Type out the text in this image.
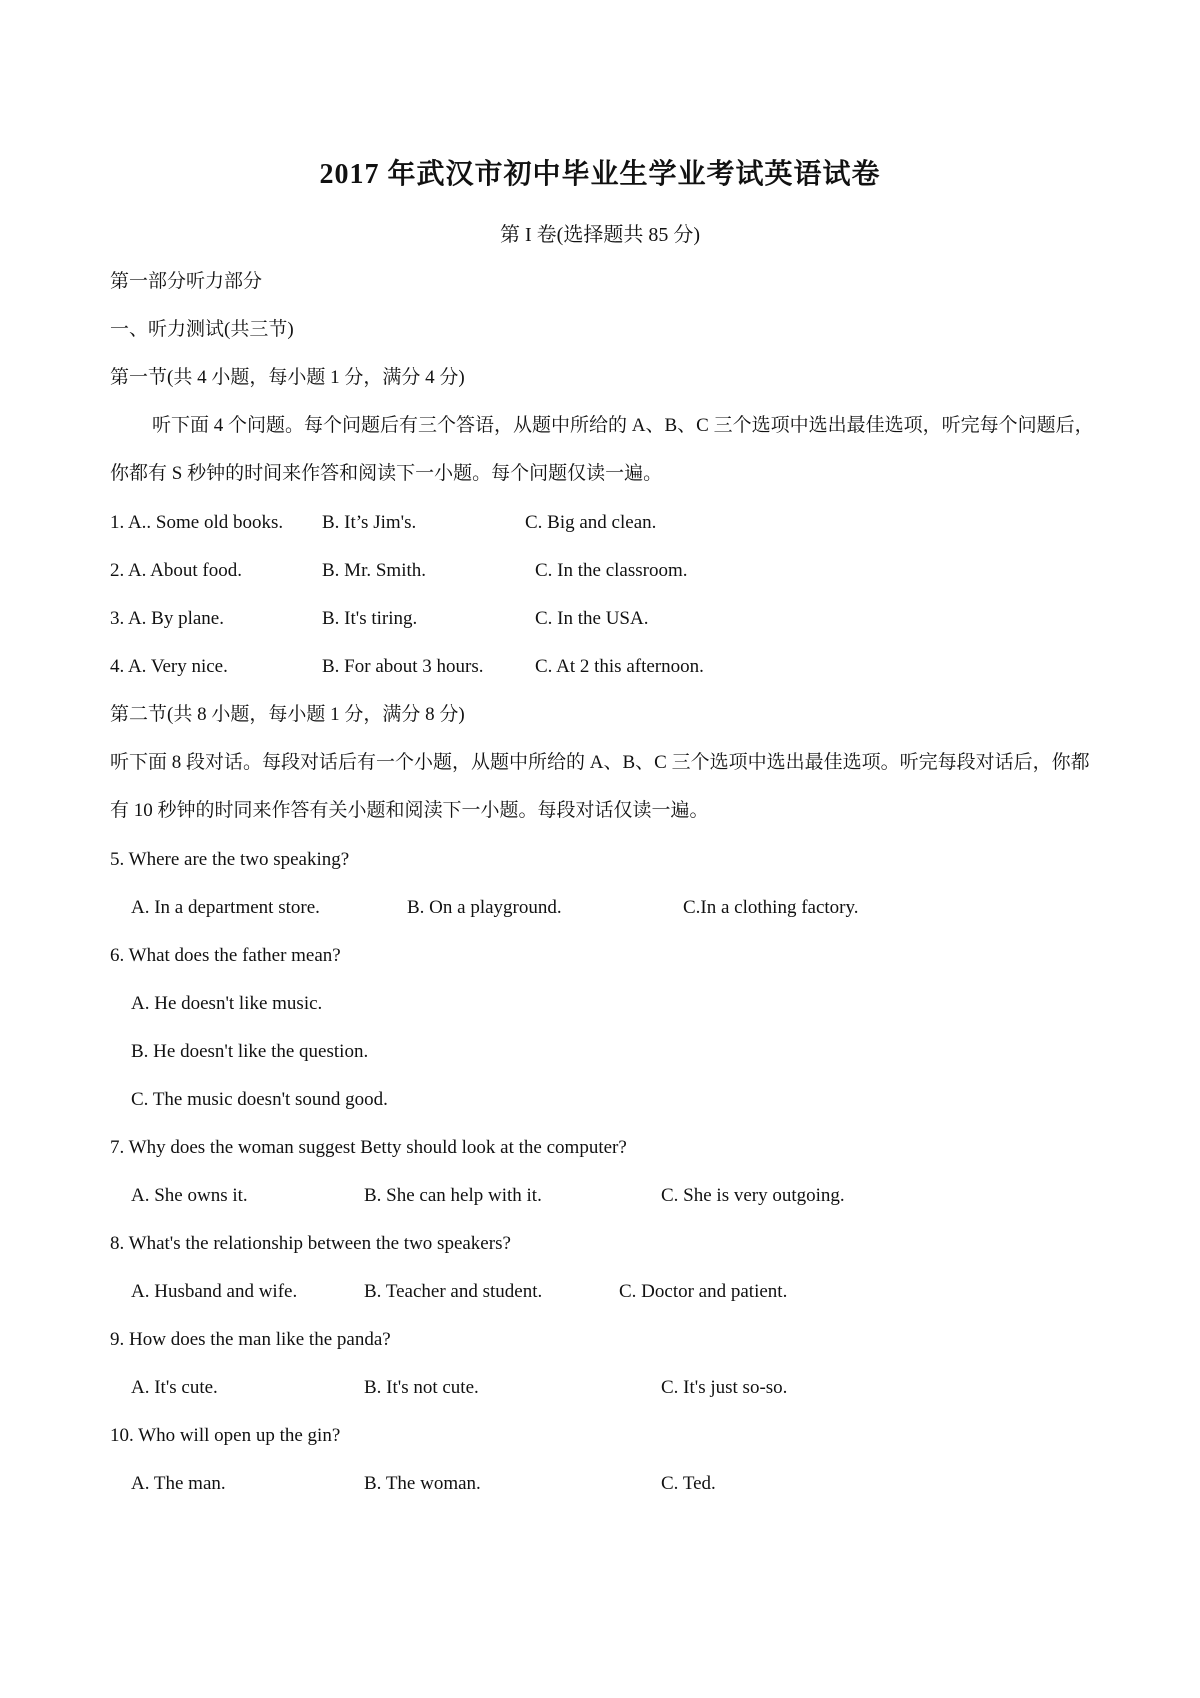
2017 年武汉市初中毕业生学业考试英语试卷
第 I 卷(选择题共 85 分)
第一部分听力部分
一、听力测试(共三节)
第一节(共 4 小题，每小题 1 分，满分 4 分)
听下面 4 个问题。每个问题后有三个答语，从题中所给的 A、B、C 三个选项中选出最佳选项，听完每个问题后，你都有 S 秒钟的时间来作答和阅读下一小题。每个问题仅读一遍。
1. A.. Some old books. B. It’s Jim's.	C. Big and clean.
2. A. About food.	B. Mr. Smith.	C. In the classroom.
3. A. By plane.	B. It's tiring.	C. In the USA.
4. A. Very nice.	B. For about 3 hours.	C. At 2 this afternoon.
第二节(共 8 小题，每小题 1 分，满分 8 分)
听下面 8 段对话。每段对话后有一个小题，从题中所给的 A、B、C 三个选项中选出最佳选项。听完每段对话后，你都有 10 秒钟的时同来作答有关小题和阅渎下一小题。每段对话仅读一遍。
5. Where are the two speaking?
A. In a department store.	B. On a playground.	C.In a clothing factory.
6. What does the father mean?
A. He doesn't like music.
B. He doesn't like the question.
C. The music doesn't sound good.
7. Why does the woman suggest Betty should look at the computer?
A. She owns it.	B. She can help with it.	C. She is very outgoing.
8. What's the relationship between the two speakers?
A. Husband and wife.	B. Teacher and student.	C. Doctor and patient.
9. How does the man like the panda?
A. It's cute.	B. It's not cute.	C. It's just so-so.
10. Who will open up the gin?
A. The man.	B. The woman.	C. Ted.
